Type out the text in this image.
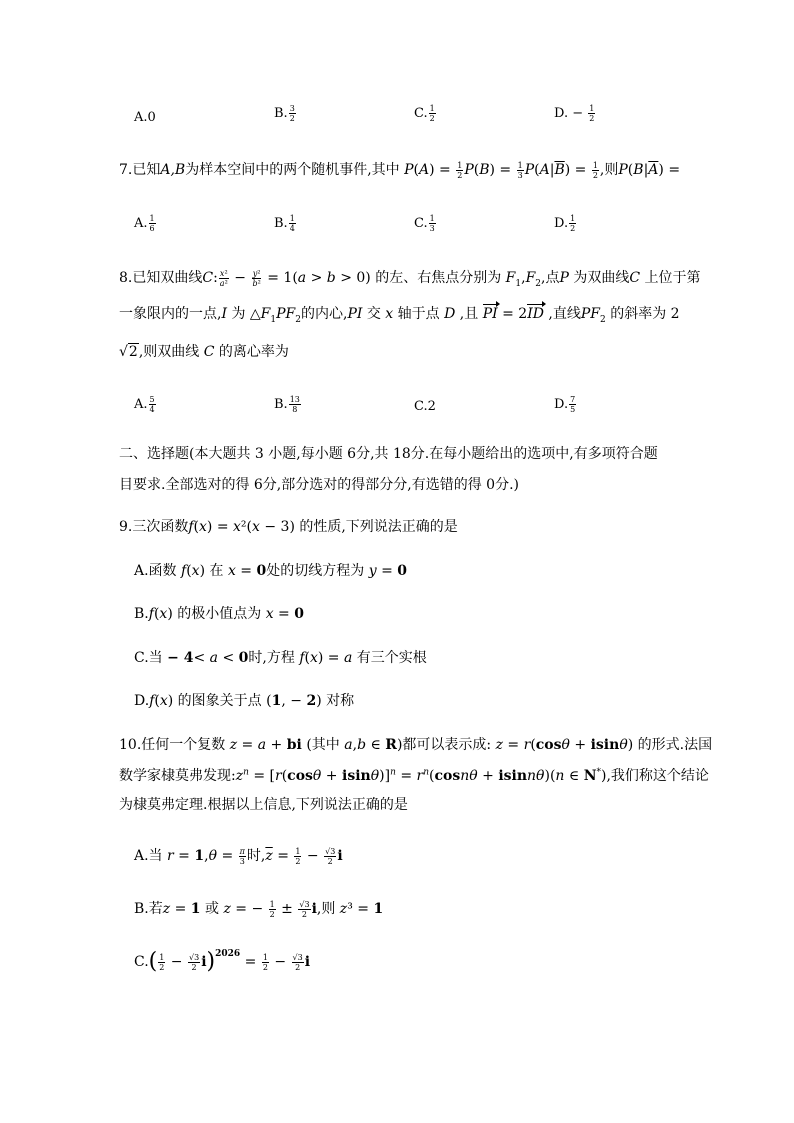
A.0	B. $\frac{3}{2}$	C. $\frac{1}{2}$	D. − $\frac{1}{2}$
7.已知A,B为样本空间中的两个随机事件,其中 $P(A) = \frac{1}{2} P(B) = \frac{1}{3} P(A|\overline{B}) = \frac{1}{2}$ ,则$P(B|\overline{A})$ =
A. $\frac{1}{6}$	B. $\frac{1}{4}$	C. $\frac{1}{3}$	D. $\frac{1}{2}$
8.已知双曲线C: $\frac{\text{x²}}{\text{a²}} - \frac{\text{y²}}{\text{b²}} = 1(a > b > 0)$ 的左、右焦点分别为 $F_1,F_2$,点P 为双曲线C 上位于第
一象限内的一点,I 为 $\triangle F_1PF_2$的内心,PI 交 x 轴于点 D ,且 PI = 2ID ,直线$PF_2$ 的斜率为 2
√2,则双曲线 C 的离心率为
A. $\frac{5}{4}$	B. $\frac{13}{8}$	C.2	D. $\frac{7}{5}$
二、选择题(本大题共 3 小题,每小题 6分,共 18分.在每小题给出的选项中,有多项符合题
目要求.全部选对的得 6分,部分选对的得部分分,有选错的得 0分.)
9.三次函数f(x) = x²(x − 3) 的性质,下列说法正确的是
A.函数 f(x) 在 x = 0处的切线方程为 y = 0
B.f(x) 的极小值点为 x = 0
C.当 − 4< a < 0时,方程 f(x) = a 有三个实根
D.f(x) 的图象关于点 (1, − 2) 对称
10.任何一个复数 z = a + bi (其中 a,b ∈ R)都可以表示成: z = r(cosθ + isinθ) 的形式.法国
数学家棣莫弗发现$:z^n = [r(\cos\theta + isin\theta)]^n = r^n(\cos n\theta + isinn\theta)(n$ ∈ N*),我们称这个结论
为棣莫弗定理.根据以上信息,下列说法正确的是
A.当 $r = 1,\theta = \frac{\pi}{3}$ 时$,\overline{z} = \frac{1}{2} - \frac{√3}{2}$ i
B.若z = 1 或 z = − $\frac{1}{2} \pm \frac{√3}{2} i$,则 z³ = 1
$C.( \frac{1}{2} - \frac{√3}{2} i)^{2026} = \frac{1}{2} - \frac{√3}{2}$ i
